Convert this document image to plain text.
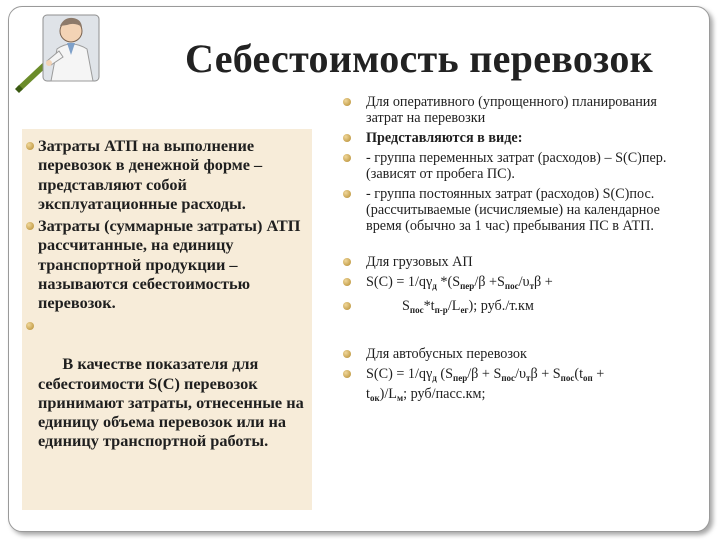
Себестоимость перевозок
Затраты АТП на выполнение перевозок в денежной форме – представляют собой эксплуатационные расходы.
Затраты (суммарные затраты) АТП рассчитанные, на единицу транспортной продукции – называются себестоимостью перевозок.

В качестве показателя для себестоимости S(C) перевозок принимают затраты, отнесенные на единицу объема перевозок или на единицу транспортной работы.

Для оперативного (упрощенного) планирования затрат на перевозки
Представляются в виде:
- группа переменных затрат (расходов) – S(C)пер. (зависят от пробега ПС).
- группа постоянных затрат (расходов) S(C)пос. (рассчитываемые (исчисляемые) на календарное время (обычно за 1 час) пребывания ПС в АТП.
Для грузовых АП
$S(C) = 1/q\gamma_д$ $*(S_{пер}/\beta +S_{пос}/\upsilon_т\beta$ +
$S_{пос}*t_{п-р}/L_{ег}$); руб./т.км
Для автобусных перевозок
$S(C) = 1/q\gamma_д$ ($S_{пер}/\beta + S_{пос}/\upsilon_т\beta + S_{пос}(t_{оп}$ +
$t_{ок})/L_м$; руб/пасс.км;
